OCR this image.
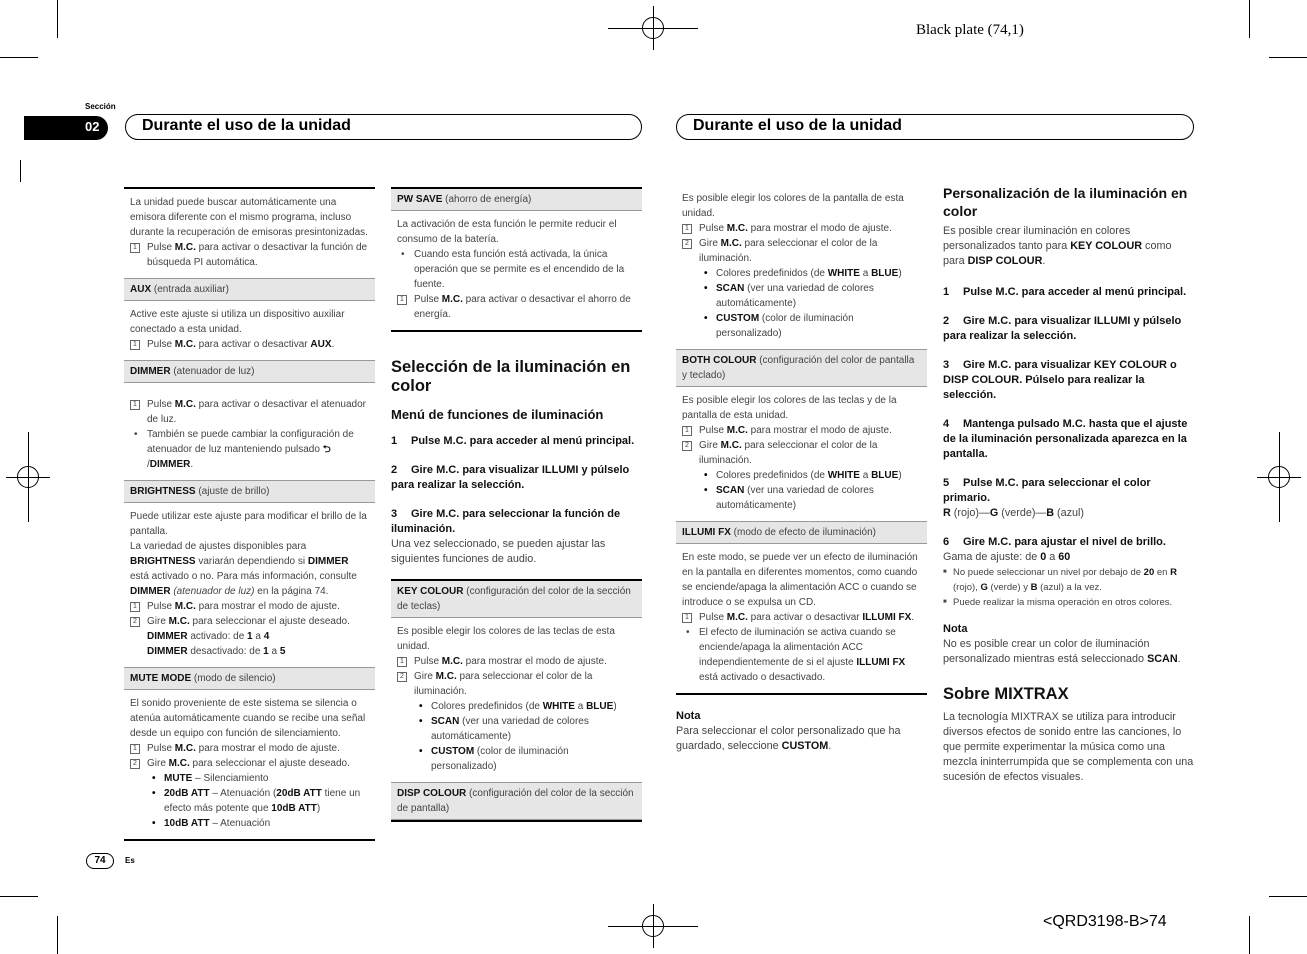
Black plate (74,1)
<QRD3198-B>74
Sección
02	Durante el uso de la unidad	Durante el uso de la unidad
74	Es
La unidad puede buscar automáticamente una emisora diferente con el mismo programa, incluso durante la recuperación de emisoras presintonizadas.
1	Pulse M.C. para activar o desactivar la función de búsqueda PI automática.
AUX (entrada auxiliar)
Active este ajuste si utiliza un dispositivo auxiliar conectado a esta unidad.
1	Pulse M.C. para activar o desactivar AUX.
DIMMER (atenuador de luz)
1	Pulse M.C. para activar o desactivar el atenuador de luz.
• También se puede cambiar la configuración de atenuador de luz manteniendo pulsado ⮌ /DIMMER.
BRIGHTNESS (ajuste de brillo)
Puede utilizar este ajuste para modificar el brillo de la pantalla.
La variedad de ajustes disponibles para BRIGHTNESS variarán dependiendo si DIMMER está activado o no. Para más información, consulte DIMMER (atenuador de luz) en la página 74.
1	Pulse M.C. para mostrar el modo de ajuste.
2	Gire M.C. para seleccionar el ajuste deseado.
DIMMER activado: de 1 a 4
DIMMER desactivado: de 1 a 5
MUTE MODE (modo de silencio)
El sonido proveniente de este sistema se silencia o atenúa automáticamente cuando se recibe una señal desde un equipo con función de silenciamiento.
1	Pulse M.C. para mostrar el modo de ajuste.
2	Gire M.C. para seleccionar el ajuste deseado.
• MUTE – Silenciamiento
• 20dB ATT – Atenuación (20dB ATT tiene un efecto más potente que 10dB ATT)
• 10dB ATT – Atenuación
PW SAVE (ahorro de energía)
La activación de esta función le permite reducir el consumo de la batería.
• Cuando esta función está activada, la única operación que se permite es el encendido de la fuente.
1	Pulse M.C. para activar o desactivar el ahorro de energía.
Selección de la iluminación en color
Menú de funciones de iluminación
1 Pulse M.C. para acceder al menú principal.
2 Gire M.C. para visualizar ILLUMI y púlselo para realizar la selección.
3 Gire M.C. para seleccionar la función de iluminación.
Una vez seleccionado, se pueden ajustar las siguientes funciones de audio.
KEY COLOUR (configuración del color de la sección de teclas)
Es posible elegir los colores de las teclas de esta unidad.
1	Pulse M.C. para mostrar el modo de ajuste.
2	Gire M.C. para seleccionar el color de la iluminación.
• Colores predefinidos (de WHITE a BLUE)
• SCAN (ver una variedad de colores automáticamente)
• CUSTOM (color de iluminación personalizado)
DISP COLOUR (configuración del color de la sección de pantalla)
Es posible elegir los colores de la pantalla de esta unidad.
1	Pulse M.C. para mostrar el modo de ajuste.
2	Gire M.C. para seleccionar el color de la iluminación.
• Colores predefinidos (de WHITE a BLUE)
• SCAN (ver una variedad de colores automáticamente)
• CUSTOM (color de iluminación personalizado)
BOTH COLOUR (configuración del color de pantalla y teclado)
Es posible elegir los colores de las teclas y de la pantalla de esta unidad.
1	Pulse M.C. para mostrar el modo de ajuste.
2	Gire M.C. para seleccionar el color de la iluminación.
• Colores predefinidos (de WHITE a BLUE)
• SCAN (ver una variedad de colores automáticamente)
ILLUMI FX (modo de efecto de iluminación)
En este modo, se puede ver un efecto de iluminación en la pantalla en diferentes momentos, como cuando se enciende/apaga la alimentación ACC o cuando se introduce o se expulsa un CD.
1	Pulse M.C. para activar o desactivar ILLUMI FX.
• El efecto de iluminación se activa cuando se enciende/apaga la alimentación ACC independientemente de si el ajuste ILLUMI FX está activado o desactivado.
Nota
Para seleccionar el color personalizado que ha guardado, seleccione CUSTOM.
Personalización de la iluminación en color
Es posible crear iluminación en colores personalizados tanto para KEY COLOUR como para DISP COLOUR.
1 Pulse M.C. para acceder al menú principal.
2 Gire M.C. para visualizar ILLUMI y púlselo para realizar la selección.
3 Gire M.C. para visualizar KEY COLOUR o DISP COLOUR. Púlselo para realizar la selección.
4 Mantenga pulsado M.C. hasta que el ajuste de la iluminación personalizada aparezca en la pantalla.
5 Pulse M.C. para seleccionar el color primario.
R (rojo)—G (verde)—B (azul)
6 Gire M.C. para ajustar el nivel de brillo.
Gama de ajuste: de 0 a 60
■ No puede seleccionar un nivel por debajo de 20 en R (rojo), G (verde) y B (azul) a la vez.
■ Puede realizar la misma operación en otros colores.
Nota
No es posible crear un color de iluminación personalizado mientras está seleccionado SCAN.
Sobre MIXTRAX
La tecnología MIXTRAX se utiliza para introducir diversos efectos de sonido entre las canciones, lo que permite experimentar la música como una mezcla ininterrumpida que se complementa con una sucesión de efectos visuales.
